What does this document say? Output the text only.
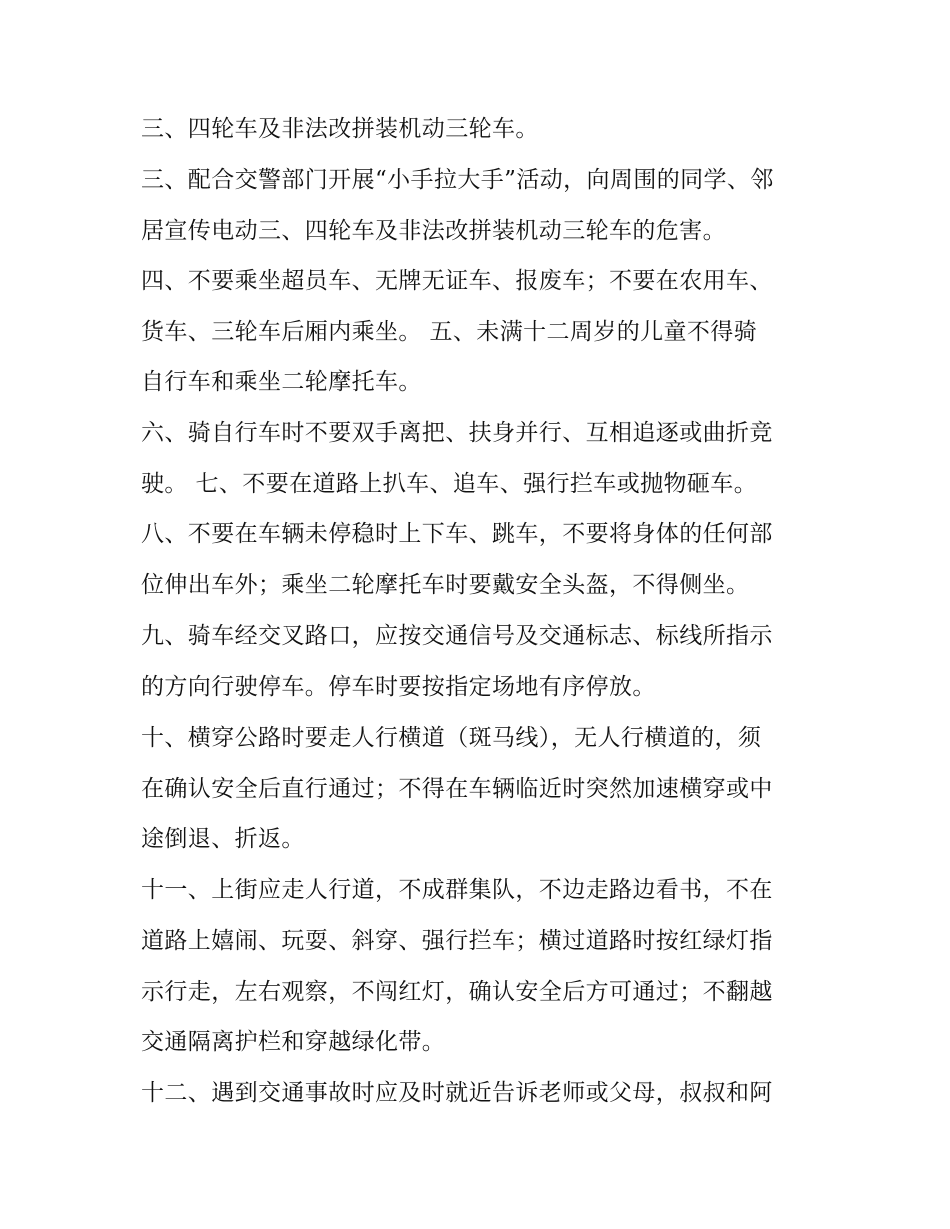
三、四轮车及非法改拼装机动三轮车。
三、配合交警部门开展“小手拉大手”活动，向周围的同学、邻
居宣传电动三、四轮车及非法改拼装机动三轮车的危害。
四、不要乘坐超员车、无牌无证车、报废车；不要在农用车、
货车、三轮车后厢内乘坐。 五、未满十二周岁的儿童不得骑
自行车和乘坐二轮摩托车。
六、骑自行车时不要双手离把、扶身并行、互相追逐或曲折竞
驶。 七、不要在道路上扒车、追车、强行拦车或抛物砸车。
八、不要在车辆未停稳时上下车、跳车，不要将身体的任何部
位伸出车外；乘坐二轮摩托车时要戴安全头盔，不得侧坐。
九、骑车经交叉路口，应按交通信号及交通标志、标线所指示
的方向行驶停车。停车时要按指定场地有序停放。
十、横穿公路时要走人行横道（斑马线），无人行横道的，须
在确认安全后直行通过；不得在车辆临近时突然加速横穿或中
途倒退、折返。
十一、上街应走人行道，不成群集队，不边走路边看书，不在
道路上嬉闹、玩耍、斜穿、强行拦车；横过道路时按红绿灯指
示行走，左右观察，不闯红灯，确认安全后方可通过；不翻越
交通隔离护栏和穿越绿化带。
十二、遇到交通事故时应及时就近告诉老师或父母，叔叔和阿
